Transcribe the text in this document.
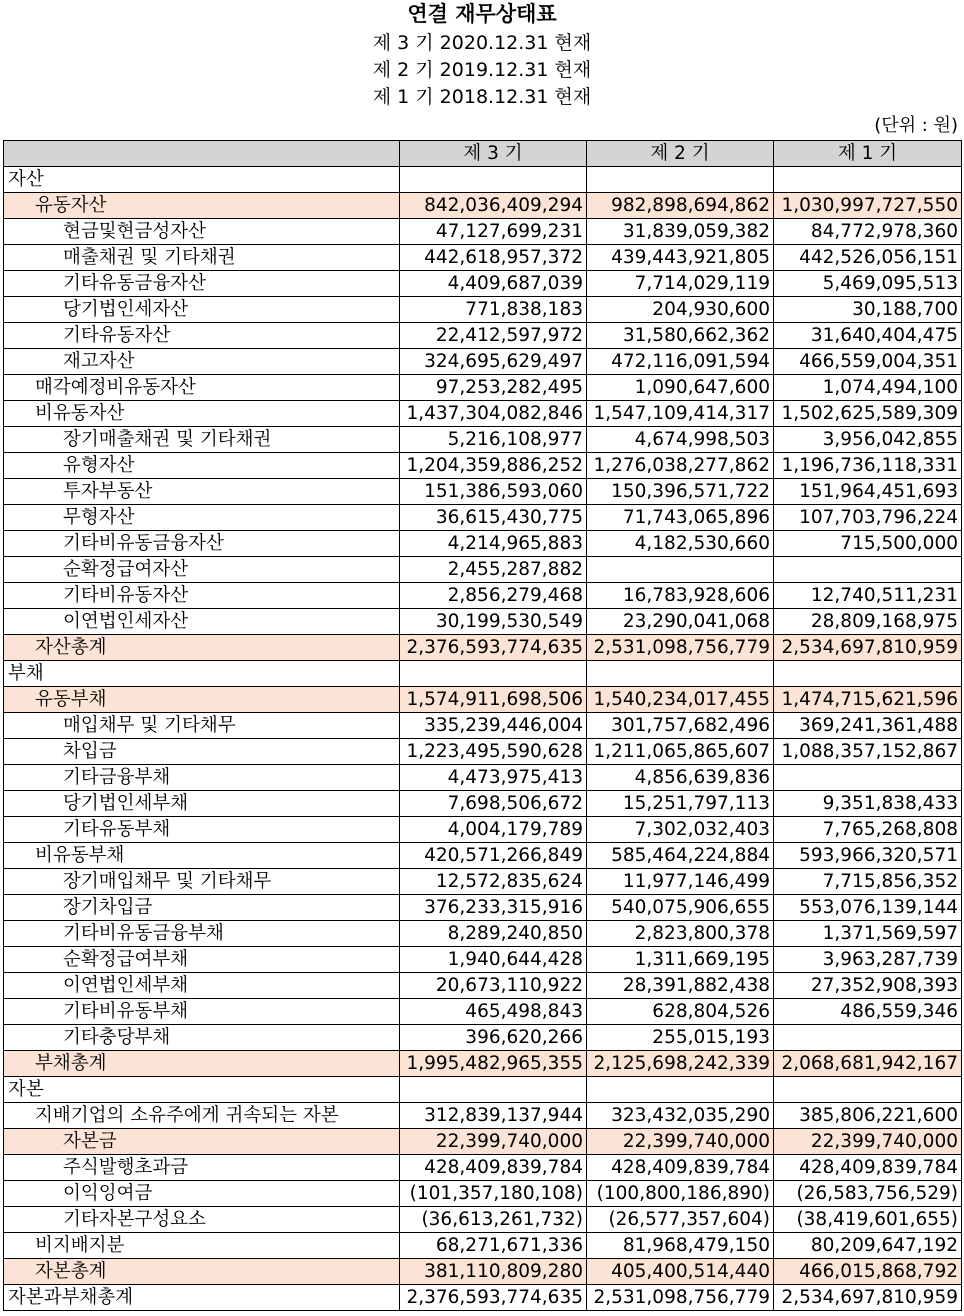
연결 재무상태표
제 3 기 2020.12.31 현재
제 2 기 2019.12.31 현재
제 1 기 2018.12.31 현재
(단위 : 원)
	제 3 기	제 2 기	제 1 기
자산			
유동자산	842,036,409,294	982,898,694,862	1,030,997,727,550
현금및현금성자산	47,127,699,231	31,839,059,382	84,772,978,360
매출채권 및 기타채권	442,618,957,372	439,443,921,805	442,526,056,151
기타유동금융자산	4,409,687,039	7,714,029,119	5,469,095,513
당기법인세자산	771,838,183	204,930,600	30,188,700
기타유동자산	22,412,597,972	31,580,662,362	31,640,404,475
재고자산	324,695,629,497	472,116,091,594	466,559,004,351
매각예정비유동자산	97,253,282,495	1,090,647,600	1,074,494,100
비유동자산	1,437,304,082,846	1,547,109,414,317	1,502,625,589,309
장기매출채권 및 기타채권	5,216,108,977	4,674,998,503	3,956,042,855
유형자산	1,204,359,886,252	1,276,038,277,862	1,196,736,118,331
투자부동산	151,386,593,060	150,396,571,722	151,964,451,693
무형자산	36,615,430,775	71,743,065,896	107,703,796,224
기타비유동금융자산	4,214,965,883	4,182,530,660	715,500,000
순확정급여자산	2,455,287,882		
기타비유동자산	2,856,279,468	16,783,928,606	12,740,511,231
이연법인세자산	30,199,530,549	23,290,041,068	28,809,168,975
자산총계	2,376,593,774,635	2,531,098,756,779	2,534,697,810,959
부채			
유동부채	1,574,911,698,506	1,540,234,017,455	1,474,715,621,596
매입채무 및 기타채무	335,239,446,004	301,757,682,496	369,241,361,488
차입금	1,223,495,590,628	1,211,065,865,607	1,088,357,152,867
기타금융부채	4,473,975,413	4,856,639,836	
당기법인세부채	7,698,506,672	15,251,797,113	9,351,838,433
기타유동부채	4,004,179,789	7,302,032,403	7,765,268,808
비유동부채	420,571,266,849	585,464,224,884	593,966,320,571
장기매입채무 및 기타채무	12,572,835,624	11,977,146,499	7,715,856,352
장기차입금	376,233,315,916	540,075,906,655	553,076,139,144
기타비유동금융부채	8,289,240,850	2,823,800,378	1,371,569,597
순확정급여부채	1,940,644,428	1,311,669,195	3,963,287,739
이연법인세부채	20,673,110,922	28,391,882,438	27,352,908,393
기타비유동부채	465,498,843	628,804,526	486,559,346
기타충당부채	396,620,266	255,015,193	
부채총계	1,995,482,965,355	2,125,698,242,339	2,068,681,942,167
자본			
지배기업의 소유주에게 귀속되는 자본	312,839,137,944	323,432,035,290	385,806,221,600
자본금	22,399,740,000	22,399,740,000	22,399,740,000
주식발행초과금	428,409,839,784	428,409,839,784	428,409,839,784
이익잉여금	(101,357,180,108)	(100,800,186,890)	(26,583,756,529)
기타자본구성요소	(36,613,261,732)	(26,577,357,604)	(38,419,601,655)
비지배지분	68,271,671,336	81,968,479,150	80,209,647,192
자본총계	381,110,809,280	405,400,514,440	466,015,868,792
자본과부채총계	2,376,593,774,635	2,531,098,756,779	2,534,697,810,959
